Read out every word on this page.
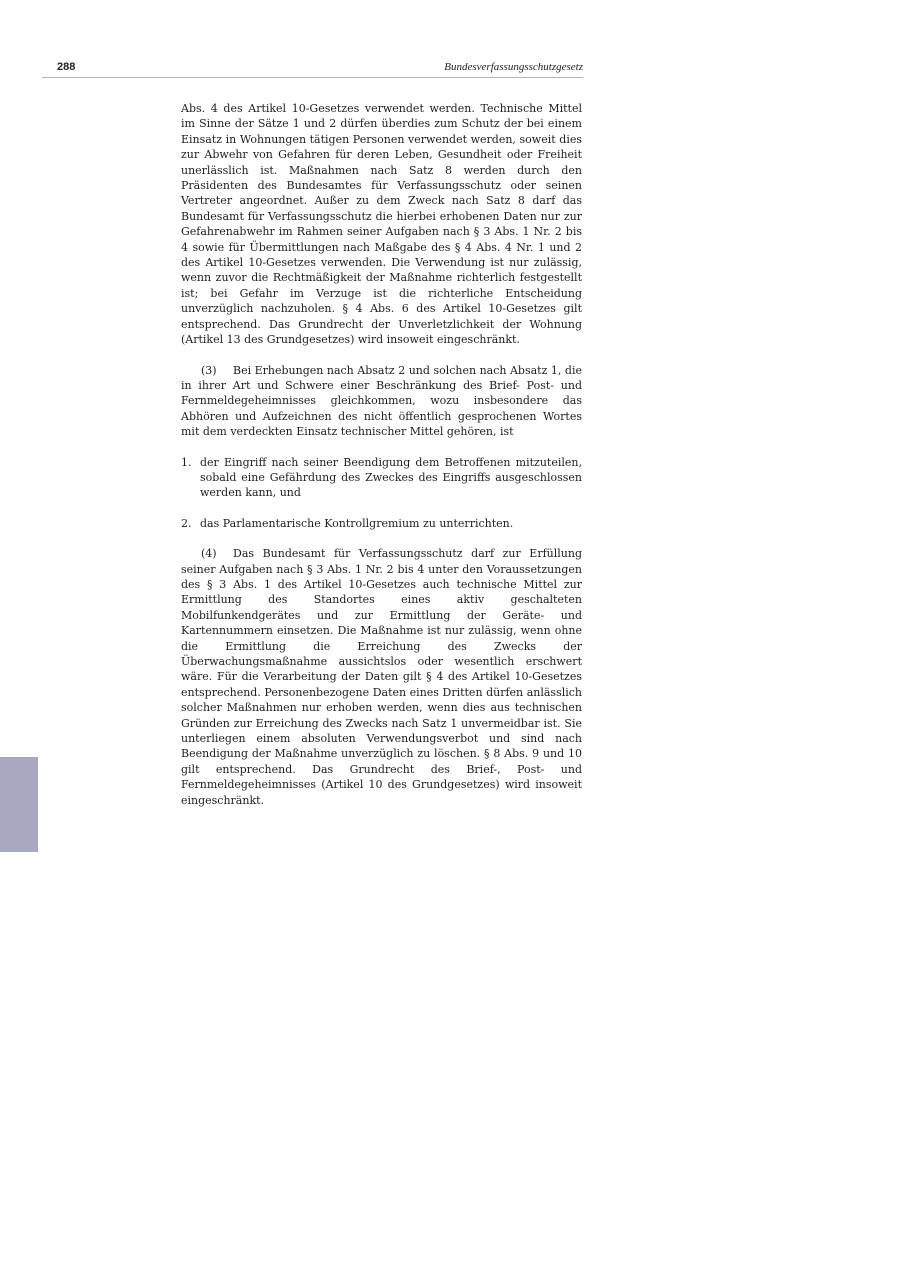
288	Bundesverfassungsschutzgesetz

Abs. 4 des Artikel 10-Gesetzes verwendet werden. Technische Mittel im Sinne der Sätze 1 und 2 dürfen überdies zum Schutz der bei einem Einsatz in Wohnungen tätigen Personen verwendet werden, soweit dies zur Abwehr von Gefahren für deren Leben, Gesundheit oder Freiheit unerlässlich ist. Maßnahmen nach Satz 8 werden durch den Präsidenten des Bundesamtes für Verfassungsschutz oder seinen Vertreter angeordnet. Außer zu dem Zweck nach Satz 8 darf das Bundesamt für Verfassungsschutz die hierbei erhobenen Daten nur zur Gefahrenabwehr im Rahmen seiner Aufgaben nach § 3 Abs. 1 Nr. 2 bis 4 sowie für Übermittlungen nach Maßgabe des § 4 Abs. 4 Nr. 1 und 2 des Artikel 10-Gesetzes verwenden. Die Verwendung ist nur zulässig, wenn zuvor die Rechtmäßigkeit der Maßnahme richterlich festgestellt ist; bei Gefahr im Verzuge ist die richterliche Entscheidung unverzüglich nachzuholen. § 4 Abs. 6 des Artikel 10-Gesetzes gilt entsprechend. Das Grundrecht der Unverletzlichkeit der Wohnung (Artikel 13 des Grundgesetzes) wird insoweit eingeschränkt.

(3) Bei Erhebungen nach Absatz 2 und solchen nach Absatz 1, die in ihrer Art und Schwere einer Beschränkung des Brief- Post- und Fernmeldegeheimnisses gleichkommen, wozu insbesondere das Abhören und Aufzeichnen des nicht öffentlich gesprochenen Wortes mit dem verdeckten Einsatz technischer Mittel gehören, ist

1. der Eingriff nach seiner Beendigung dem Betroffenen mitzuteilen, sobald eine Gefährdung des Zweckes des Eingriffs ausgeschlossen werden kann, und
2. das Parlamentarische Kontrollgremium zu unterrichten.

(4) Das Bundesamt für Verfassungsschutz darf zur Erfüllung seiner Aufgaben nach § 3 Abs. 1 Nr. 2 bis 4 unter den Voraussetzungen des § 3 Abs. 1 des Artikel 10-Gesetzes auch technische Mittel zur Ermittlung des Standortes eines aktiv geschalteten Mobilfunkendgerätes und zur Ermittlung der Geräte- und Kartennummern einsetzen. Die Maßnahme ist nur zulässig, wenn ohne die Ermittlung die Erreichung des Zwecks der Überwachungsmaßnahme aussichtslos oder wesentlich erschwert wäre. Für die Verarbeitung der Daten gilt § 4 des Artikel 10-Gesetzes entsprechend. Personenbezogene Daten eines Dritten dürfen anlässlich solcher Maßnahmen nur erhoben werden, wenn dies aus technischen Gründen zur Erreichung des Zwecks nach Satz 1 unvermeidbar ist. Sie unterliegen einem absoluten Verwendungsverbot und sind nach Beendigung der Maßnahme unverzüglich zu löschen. § 8 Abs. 9 und 10 gilt entsprechend. Das Grundrecht des Brief-, Post- und Fernmeldegeheimnisses (Artikel 10 des Grundgesetzes) wird insoweit eingeschränkt.
